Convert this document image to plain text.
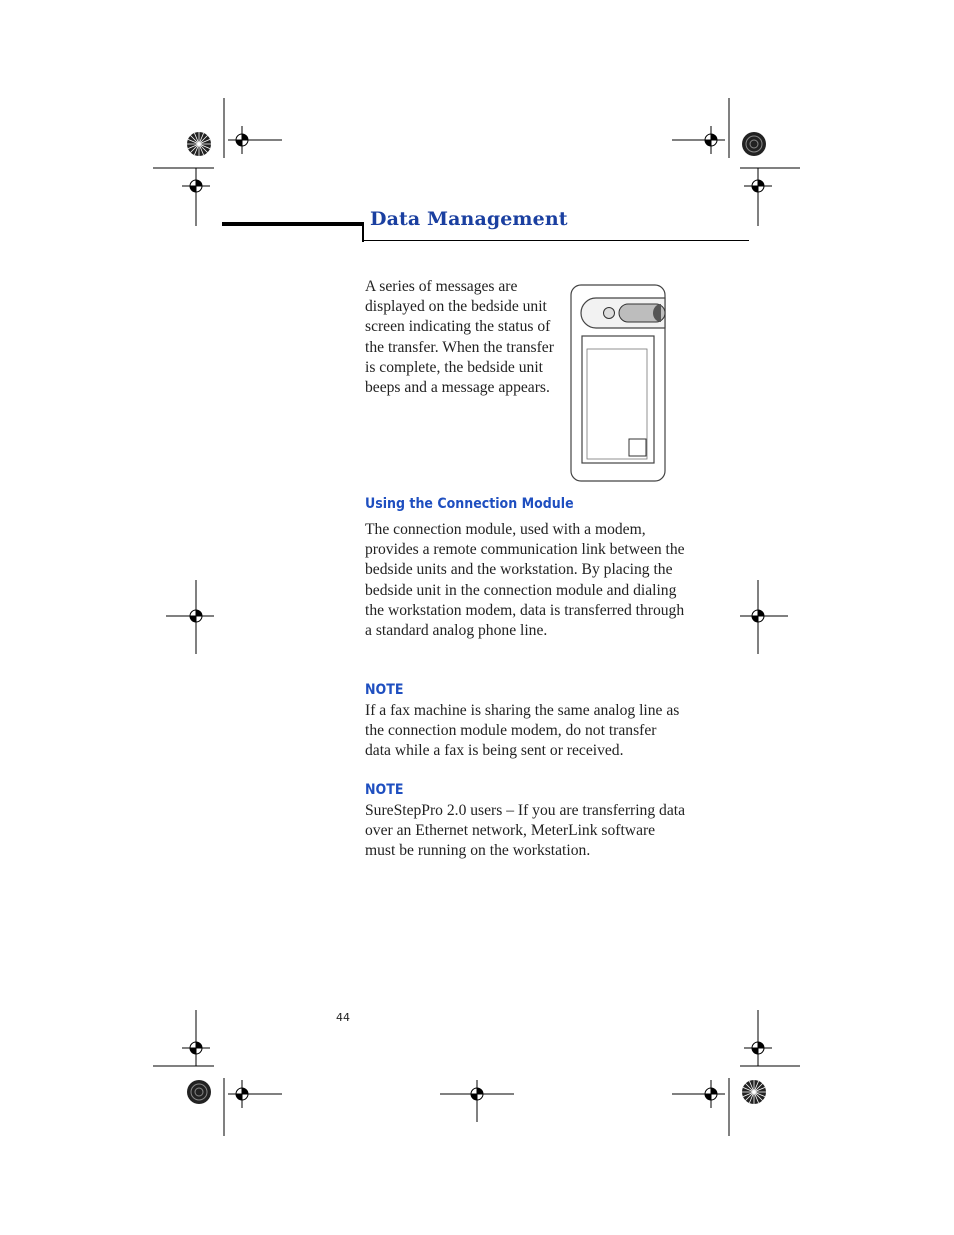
Data Management
A series of messages are displayed on the bedside unit screen indicating the status of the transfer. When the transfer is complete, the bedside unit beeps and a message appears.
Using the Connection Module
The connection module, used with a modem, provides a remote communication link between the bedside units and the workstation. By placing the bedside unit in the connection module and dialing the workstation modem, data is transferred through a standard analog phone line.
NOTE
If a fax machine is sharing the same analog line as the connection module modem, do not transfer data while a fax is being sent or received.
NOTE
SureStepPro 2.0 users – If you are transferring data over an Ethernet network, MeterLink software must be running on the workstation.
44
